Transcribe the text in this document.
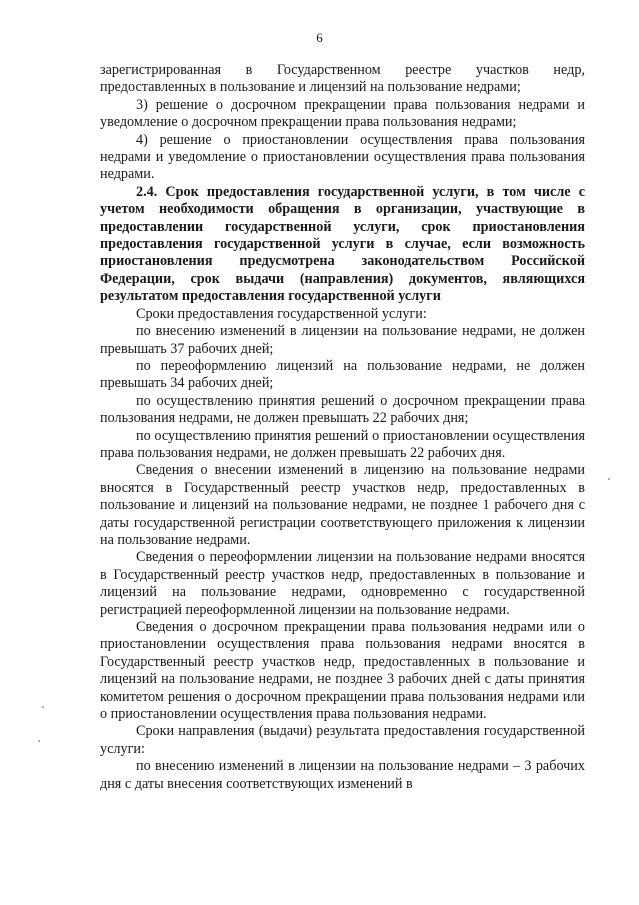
6

зарегистрированная в Государственном реестре участков недр, предоставленных в пользование и лицензий на пользование недрами;

3) решение о досрочном прекращении права пользования недрами и уведомление о досрочном прекращении права пользования недрами;

4) решение о приостановлении осуществления права пользования недрами и уведомление о приостановлении осуществления права пользования недрами.

2.4. Срок предоставления государственной услуги, в том числе с учетом необходимости обращения в организации, участвующие в предоставлении государственной услуги, срок приостановления предоставления государственной услуги в случае, если возможность приостановления предусмотрена законодательством Российской Федерации, срок выдачи (направления) документов, являющихся результатом предоставления государственной услуги

Сроки предоставления государственной услуги:

по внесению изменений в лицензии на пользование недрами, не должен превышать 37 рабочих дней;

по переоформлению лицензий на пользование недрами, не должен превышать 34 рабочих дней;

по осуществлению принятия решений о досрочном прекращении права пользования недрами, не должен превышать 22 рабочих дня;

по осуществлению принятия решений о приостановлении осуществления права пользования недрами, не должен превышать 22 рабочих дня.

Сведения о внесении изменений в лицензию на пользование недрами вносятся в Государственный реестр участков недр, предоставленных в пользование и лицензий на пользование недрами, не позднее 1 рабочего дня с даты государственной регистрации соответствующего приложения к лицензии на пользование недрами.

Сведения о переоформлении лицензии на пользование недрами вносятся в Государственный реестр участков недр, предоставленных в пользование и лицензий на пользование недрами, одновременно с государственной регистрацией переоформленной лицензии на пользование недрами.

Сведения о досрочном прекращении права пользования недрами или о приостановлении осуществления права пользования недрами вносятся в Государственный реестр участков недр, предоставленных в пользование и лицензий на пользование недрами, не позднее 3 рабочих дней с даты принятия комитетом решения о досрочном прекращении права пользования недрами или о приостановлении осуществления права пользования недрами.

Сроки направления (выдачи) результата предоставления государственной услуги:

по внесению изменений в лицензии на пользование недрами – 3 рабочих дня с даты внесения соответствующих изменений в
